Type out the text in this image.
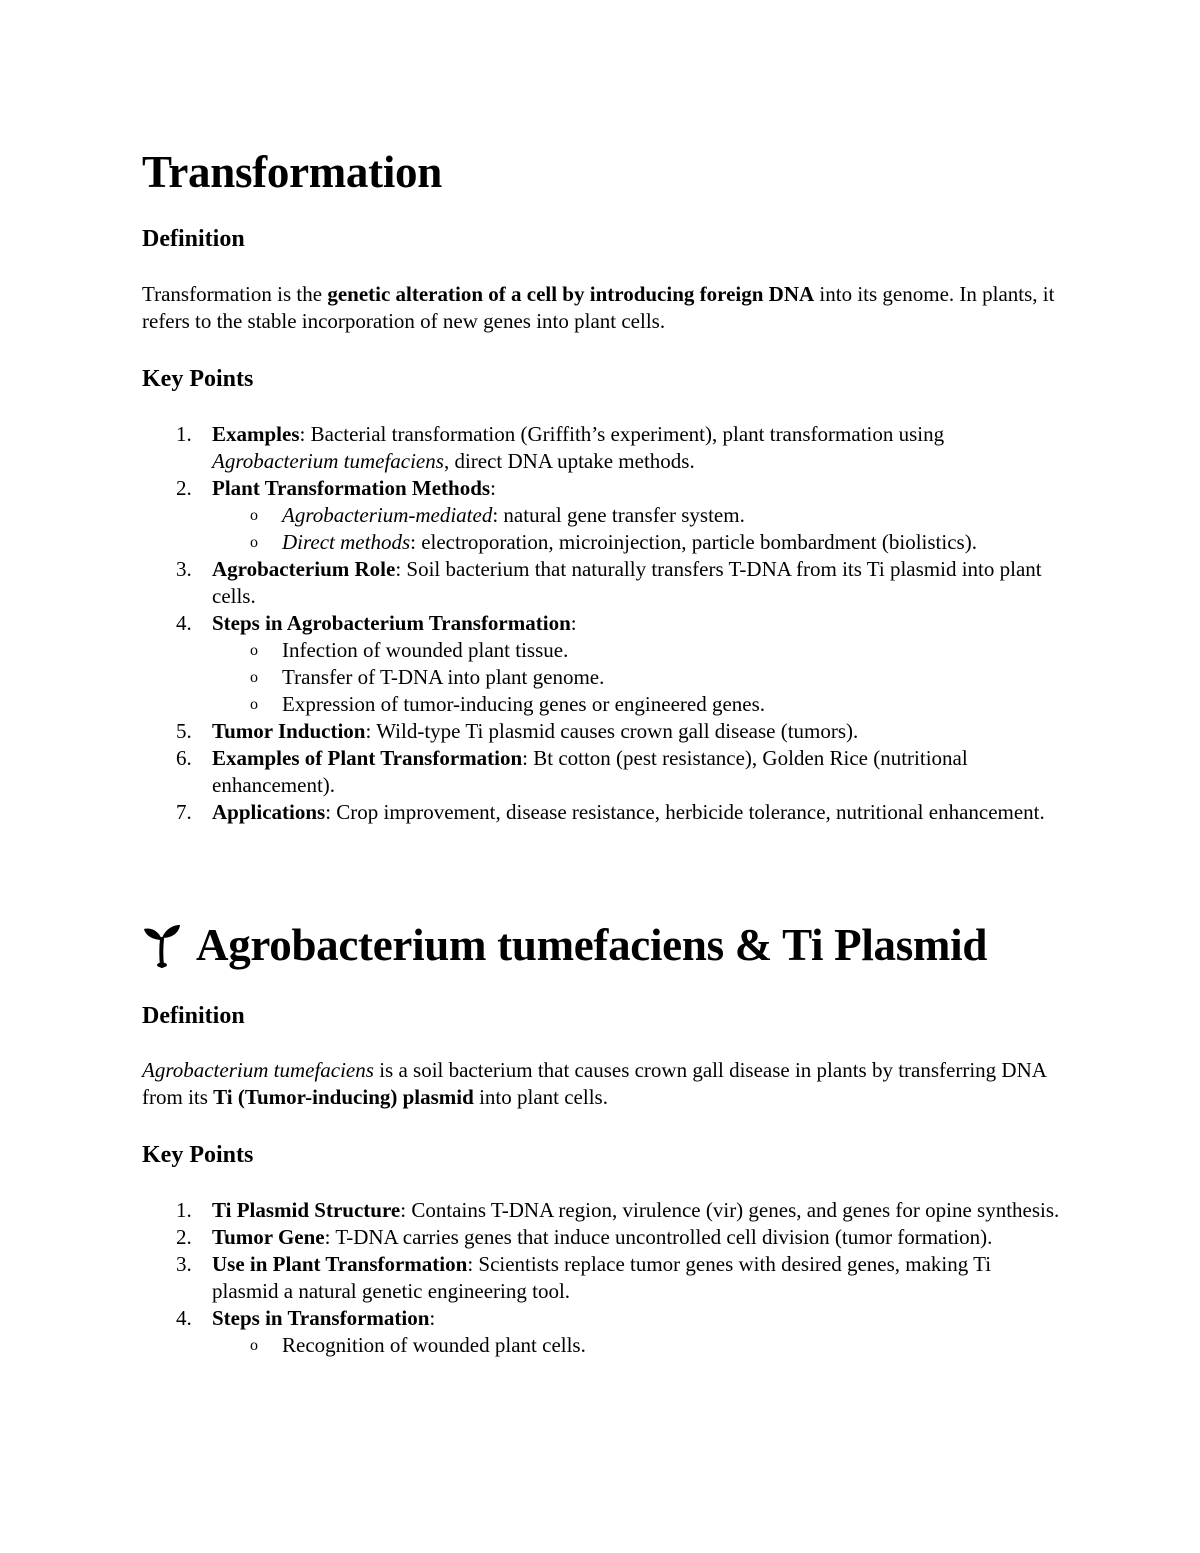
Transformation
Definition

Transformation is the genetic alteration of a cell by introducing foreign DNA into its genome. In plants, it refers to the stable incorporation of new genes into plant cells.

Key Points
1. Examples: Bacterial transformation (Griffith’s experiment), plant transformation using Agrobacterium tumefaciens, direct DNA uptake methods.
2. Plant Transformation Methods:
o Agrobacterium-mediated: natural gene transfer system.
o Direct methods: electroporation, microinjection, particle bombardment (biolistics).
3. Agrobacterium Role: Soil bacterium that naturally transfers T-DNA from its Ti plasmid into plant cells.
4. Steps in Agrobacterium Transformation:
o Infection of wounded plant tissue.
o Transfer of T-DNA into plant genome.
o Expression of tumor-inducing genes or engineered genes.
5. Tumor Induction: Wild-type Ti plasmid causes crown gall disease (tumors).
6. Examples of Plant Transformation: Bt cotton (pest resistance), Golden Rice (nutritional enhancement).
7. Applications: Crop improvement, disease resistance, herbicide tolerance, nutritional enhancement.
Agrobacterium tumefaciens & Ti Plasmid
Definition

Agrobacterium tumefaciens is a soil bacterium that causes crown gall disease in plants by transferring DNA from its Ti (Tumor-inducing) plasmid into plant cells.

Key Points
1. Ti Plasmid Structure: Contains T-DNA region, virulence (vir) genes, and genes for opine synthesis.
2. Tumor Gene: T-DNA carries genes that induce uncontrolled cell division (tumor formation).
3. Use in Plant Transformation: Scientists replace tumor genes with desired genes, making Ti plasmid a natural genetic engineering tool.
4. Steps in Transformation:
o Recognition of wounded plant cells.
